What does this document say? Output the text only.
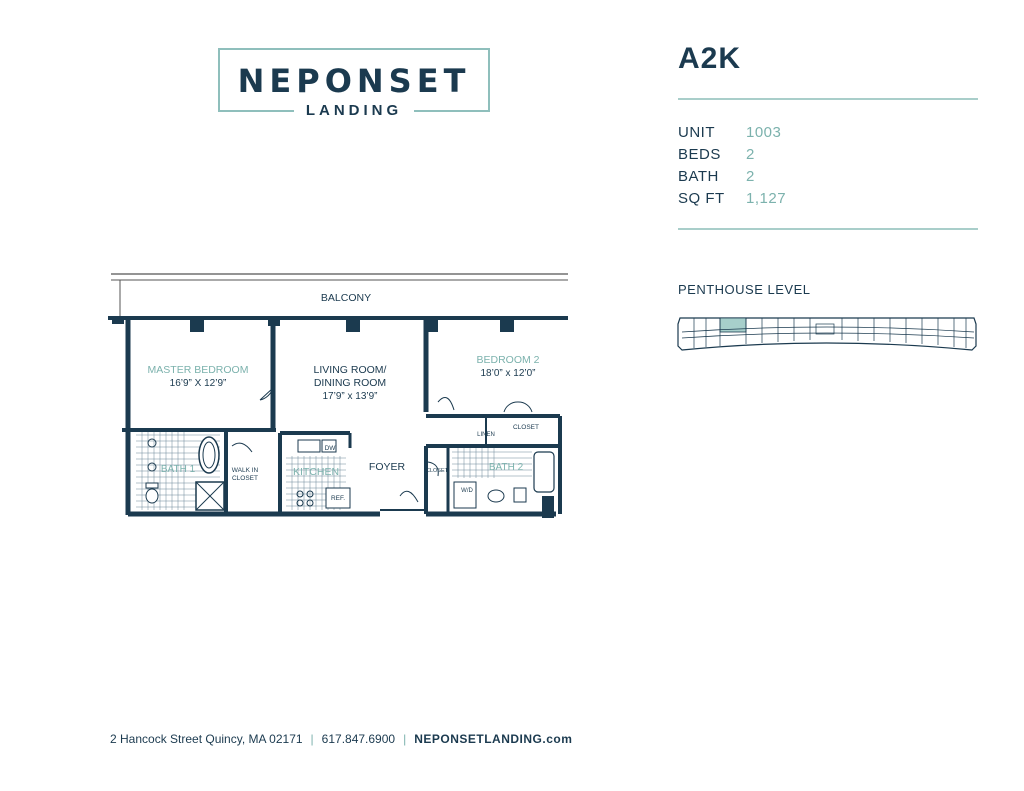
NEPONSET
LANDING
A2K
UNIT 1003
BEDS 2
BATH 2
SQ FT 1,127
PENTHOUSE LEVEL
MASTER BEDROOM
16’9” X 12’9”
LIVING ROOM/
DINING ROOM
17’9” x 13’9”
BEDROOM 2
18’0” x 12’0”
BATH 1	WALK IN
CLOSET
KITCHEN
DW
REF.
FOYER	CLOSET
LINEN
CLOSET
BATH 2
W/D
BALCONY
2 Hancock Street Quincy, MA 02171 | 617.847.6900 | NEPONSETLANDING.com
